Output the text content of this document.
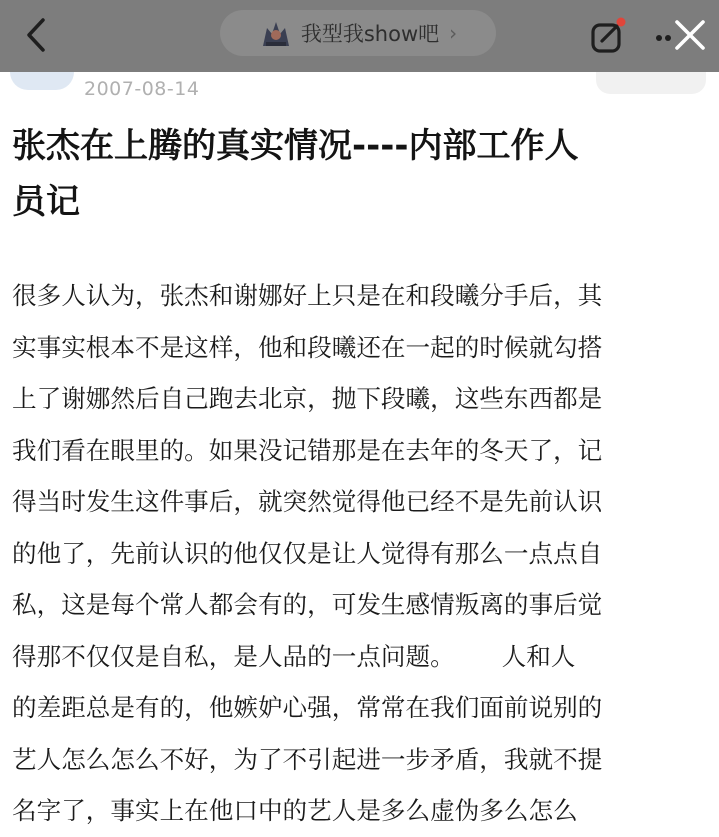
我型我show吧 ›
2007-08-14
张杰在上腾的真实情况----内部工作人
员记
很多人认为，张杰和谢娜好上只是在和段曦分手后，其
实事实根本不是这样，他和段曦还在一起的时候就勾搭
上了谢娜然后自己跑去北京，抛下段曦，这些东西都是
我们看在眼里的。如果没记错那是在去年的冬天了，记
得当时发生这件事后，就突然觉得他已经不是先前认识
的他了，先前认识的他仅仅是让人觉得有那么一点点自
私，这是每个常人都会有的，可发生感情叛离的事后觉
得那不仅仅是自私，是人品的一点问题。      人和人
的差距总是有的，他嫉妒心强，常常在我们面前说别的
艺人怎么怎么不好，为了不引起进一步矛盾，我就不提
名字了，事实上在他口中的艺人是多么虚伪多么怎么
